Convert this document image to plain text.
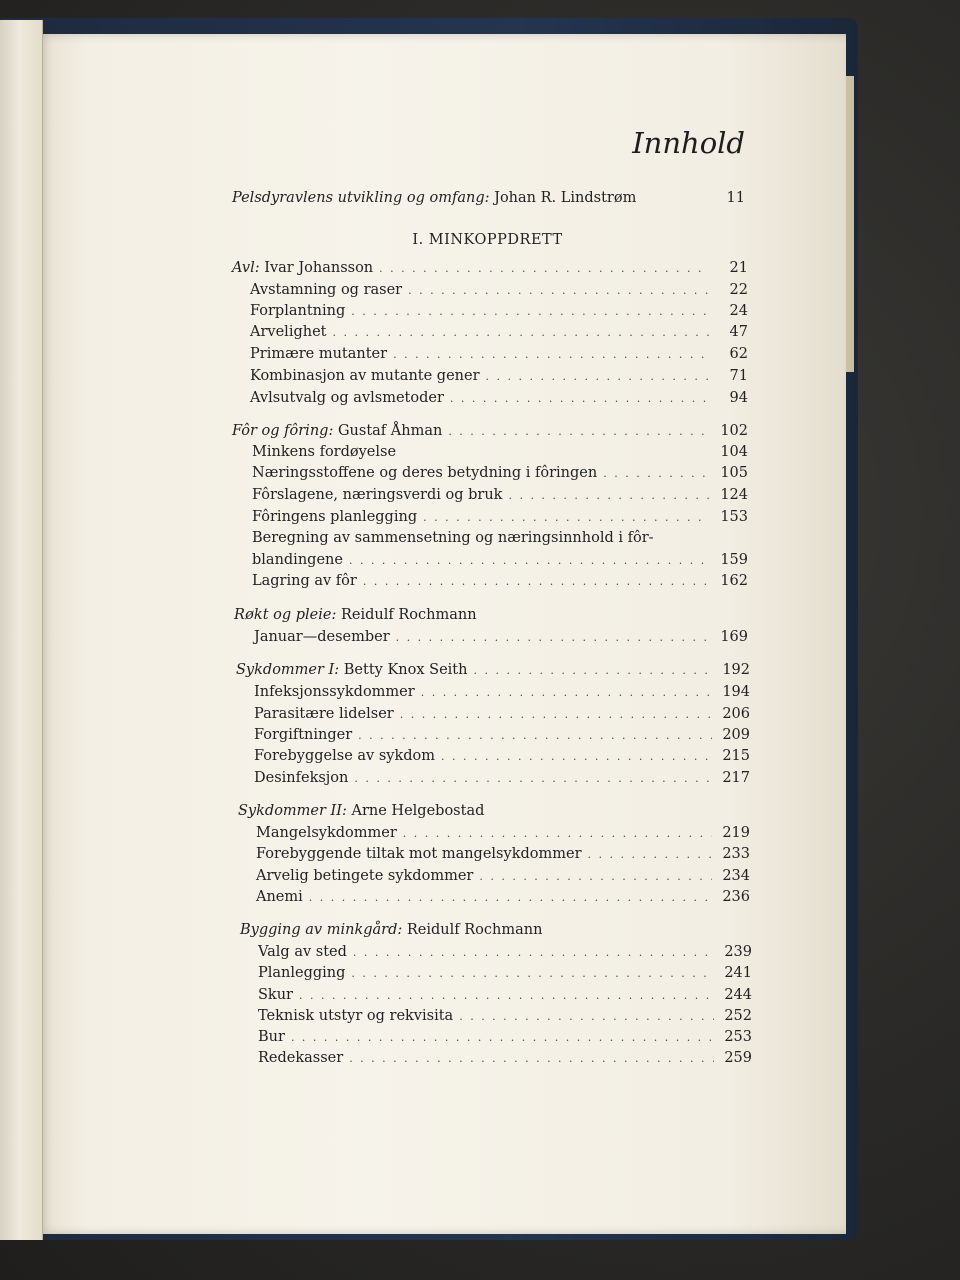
Innhold
Pelsdyravlens utvikling og omfang: Johan R. Lindstrøm	11
I. MINKOPPDRETT
Avl: Ivar Johansson . . .	21
Avstamning og raser . . .	22
Forplantning . . .	24
Arvelighet . . .	47
Primære mutanter . . .	62
Kombinasjon av mutante gener . . .	71
Avlsutvalg og avlsmetoder . . .	94
Fôr og fôring: Gustaf Åhman . . .	102
Minkens fordøyelse	104
Næringsstoffene og deres betydning i fôringen . . .	105
Fôrslagene, næringsverdi og bruk . . .	124
Fôringens planlegging . . .	153
Beregning av sammensetning og næringsinnhold i fôr-
blandingene . . .	159
Lagring av fôr . . .	162
Røkt og pleie: Reidulf Rochmann
Januar—desember . . .	169
Sykdommer I: Betty Knox Seith . . .	192
Infeksjonssykdommer . . .	194
Parasitære lidelser . . .	206
Forgiftninger . . .	209
Forebyggelse av sykdom . . .	215
Desinfeksjon . . .	217
Sykdommer II: Arne Helgebostad
Mangelsykdommer . . .	219
Forebyggende tiltak mot mangelsykdommer . . .	233
Arvelig betingete sykdommer . . .	234
Anemi . . .	236
Bygging av minkgård: Reidulf Rochmann
Valg av sted . . .	239
Planlegging . . .	241
Skur . . .	244
Teknisk utstyr og rekvisita . . .	252
Bur . . .	253
Redekasser . . .	259
